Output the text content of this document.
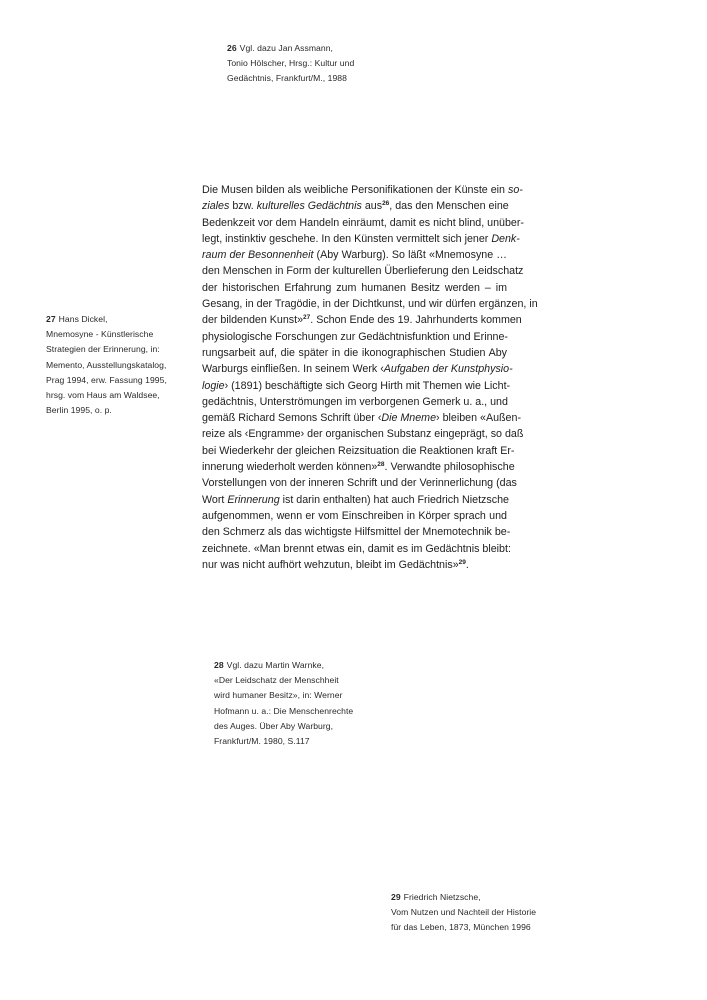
26 Vgl. dazu Jan Assmann,
Tonio Hölscher, Hrsg.: Kultur und
Gedächtnis, Frankfurt/M., 1988
27 Hans Dickel,
Mnemosyne - Künstlerische
Strategien der Erinnerung, in:
Memento, Ausstellungskatalog,
Prag 1994, erw. Fassung 1995,
hrsg. vom Haus am Waldsee,
Berlin 1995, o. p.
Die Musen bilden als weibliche Personifikationen der Künste ein so-
ziales bzw. kulturelles Gedächtnis aus$^{26}$, das den Menschen eine
Bedenkzeit vor dem Handeln einräumt, damit es nicht blind, unüber-
legt, instinktiv geschehe. In den Künsten vermittelt sich jener Denk-
raum der Besonnenheit (Aby Warburg). So läßt «Mnemosyne …
den Menschen in Form der kulturellen Überlieferung den Leidschatz
der historischen Erfahrung zum humanen Besitz werden – im
Gesang, in der Tragödie, in der Dichtkunst, und wir dürfen ergänzen, in
der bildenden Kunst»$^{27}$. Schon Ende des 19. Jahrhunderts kommen
physiologische Forschungen zur Gedächtnisfunktion und Erinne-
rungsarbeit auf, die später in die ikonographischen Studien Aby
Warburgs einfließen. In seinem Werk ‹Aufgaben der Kunstphysio-
logie› (1891) beschäftigte sich Georg Hirth mit Themen wie Licht-
gedächtnis, Unterströmungen im verborgenen Gemerk u. a., und
gemäß Richard Semons Schrift über ‹Die Mneme› bleiben «Außen-
reize als ‹Engramme› der organischen Substanz eingeprägt, so daß
bei Wiederkehr der gleichen Reizsituation die Reaktionen kraft Er-
innerung wiederholt werden können»$^{28}$. Verwandte philosophische
Vorstellungen von der inneren Schrift und der Verinnerlichung (das
Wort Erinnerung ist darin enthalten) hat auch Friedrich Nietzsche
aufgenommen, wenn er vom Einschreiben in Körper sprach und
den Schmerz als das wichtigste Hilfsmittel der Mnemotechnik be-
zeichnete. «Man brennt etwas ein, damit es im Gedächtnis bleibt:
nur was nicht aufhört wehzutun, bleibt im Gedächtnis»$^{29}$.
28 Vgl. dazu Martin Warnke,
«Der Leidschatz der Menschheit
wird humaner Besitz», in: Werner
Hofmann u. a.: Die Menschenrechte
des Auges. Über Aby Warburg,
Frankfurt/M. 1980, S.117
29 Friedrich Nietzsche,
Vom Nutzen und Nachteil der Historie
für das Leben, 1873, München 1996
